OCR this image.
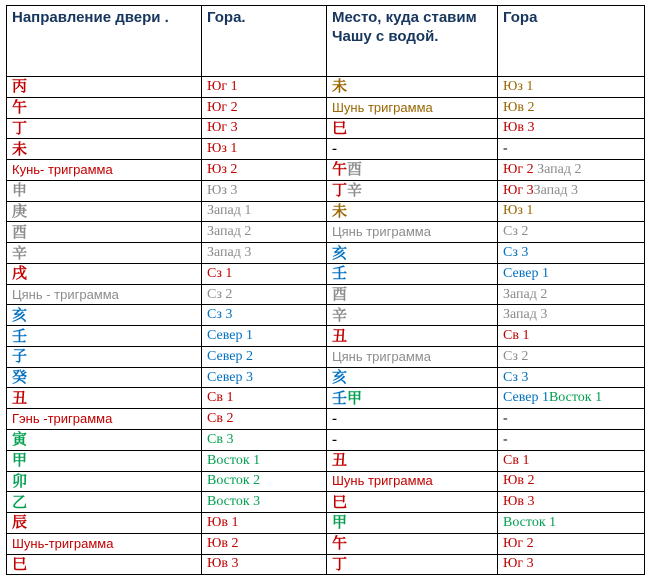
Направление двери .	Гора.	Место, куда ставим Чашу с водой.	Гора
丙	Юг 1	未	Юз 1
午	Юг 2	Шунь триграмма	Юв 2
丁	Юг 3	巳	Юв 3
未	Юз 1	-	-
Кунь- триграмма	Юз 2	午酉	Юг 2 Запад 2
申	Юз 3	丁辛	Юг 3Запад 3
庚	Запад 1	未	Юз 1
酉	Запад 2	Цянь триграмма	Сз 2
辛	Запад 3	亥	Сз 3
戌	Сз 1	壬	Север 1
Цянь - триграмма	Сз 2	酉	Запад 2
亥	Сз 3	辛	Запад 3
壬	Север 1	丑	Св 1
子	Север 2	Цянь триграмма	Сз 2
癸	Север 3	亥	Сз 3
丑	Св 1	壬甲	Север 1Восток 1
Гэнь -триграмма	Св 2	-	-
寅	Св 3	-	-
甲	Восток 1	丑	Св 1
卯	Восток 2	Шунь триграмма	Юв 2
乙	Восток 3	巳	Юв 3
辰	Юв 1	甲	Восток 1
Шунь-триграмма	Юв 2	午	Юг 2
巳	Юв 3	丁	Юг 3
